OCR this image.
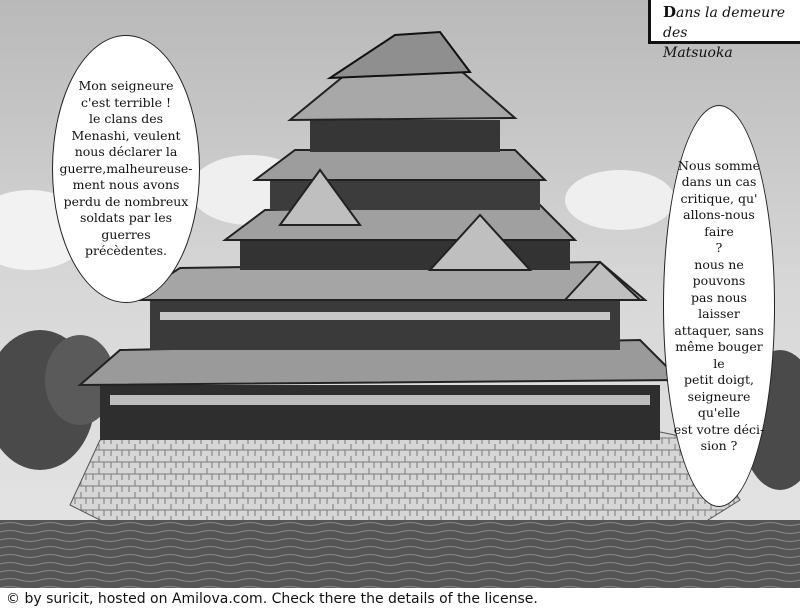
Dans la demeure des
Matsuoka
Mon seigneure
c'est terrible !
le clans des
Menashi, veulent
nous déclarer la
guerre,malheureuse-
ment nous avons
perdu de nombreux
soldats par les
guerres précèdentes.
Nous somme
dans un cas
critique, qu'
allons-nous faire
?
nous ne pouvons
pas nous laisser
attaquer, sans
même bouger le
petit doigt,
seigneure qu'elle
est votre déci-
sion ?
© by suricit, hosted on Amilova.com. Check there the details of the license.
